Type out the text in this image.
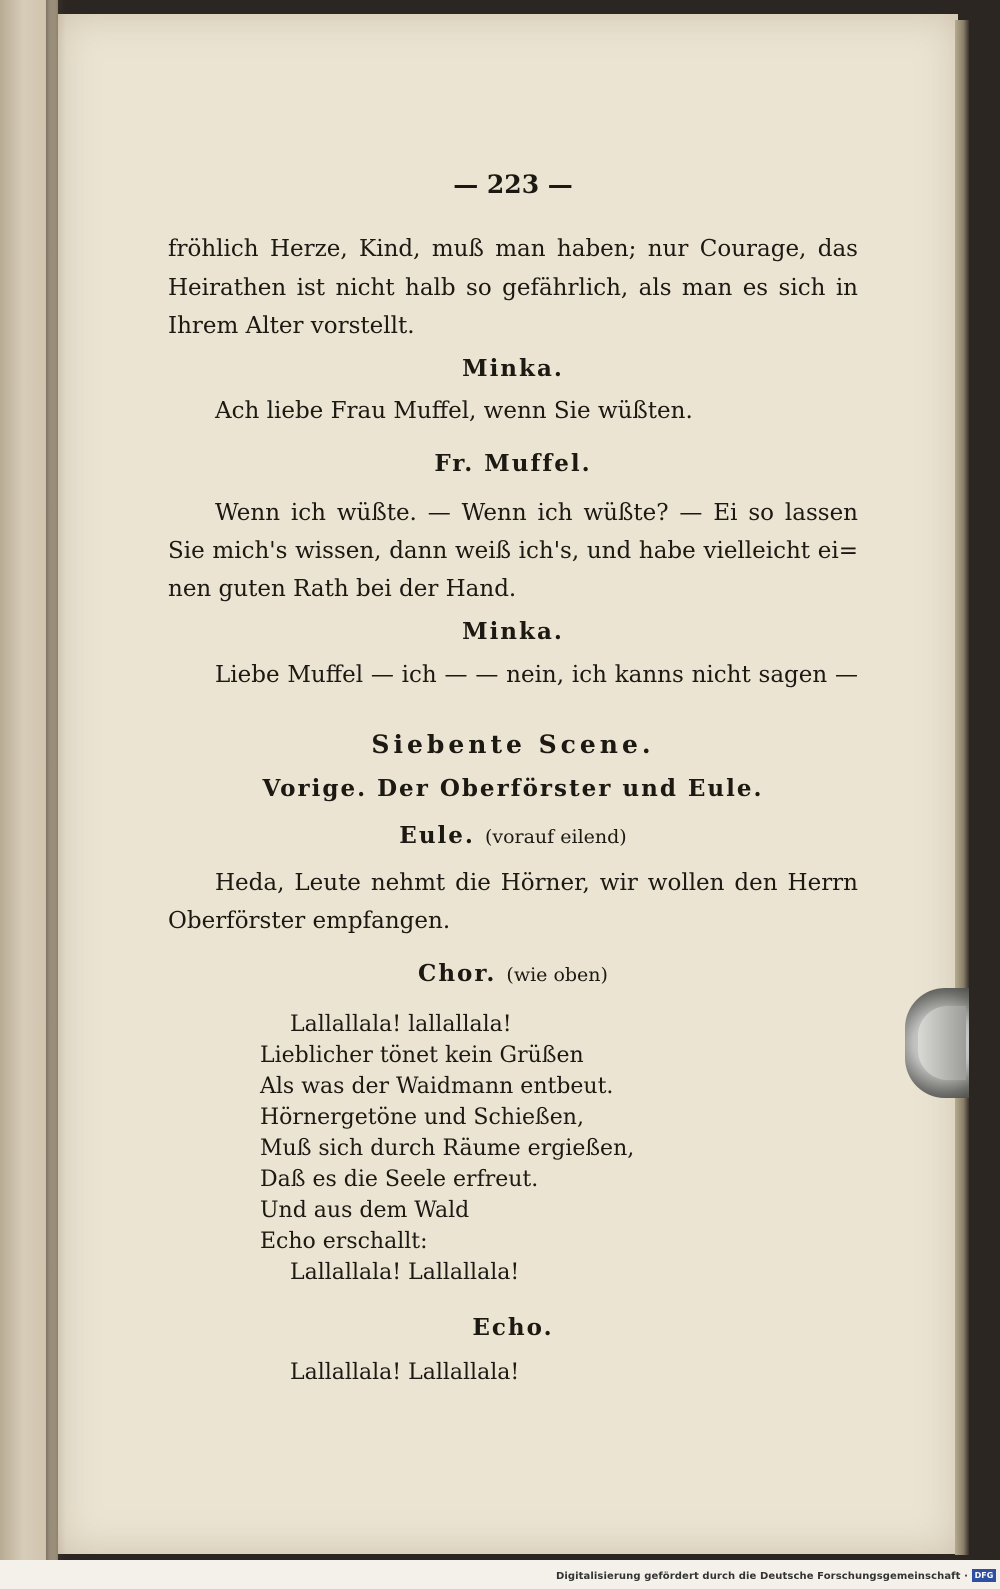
— 223 —
fröhlich Herze, Kind, muß man haben; nur Courage, das
Heirathen ist nicht halb so gefährlich, als man es sich in
Ihrem Alter vorstellt.
Minka.
Ach liebe Frau Muffel, wenn Sie wüßten.
Fr. Muffel.
Wenn ich wüßte. — Wenn ich wüßte? — Ei so lassen
Sie mich's wissen, dann weiß ich's, und habe vielleicht ei=
nen guten Rath bei der Hand.
Minka.
Liebe Muffel — ich — — nein, ich kanns nicht sagen —
Siebente Scene.
Vorige. Der Oberförster und Eule.
Eule. (vorauf eilend)
Heda, Leute nehmt die Hörner, wir wollen den Herrn
Oberförster empfangen.
Chor. (wie oben)
Lallallala! lallallala!
Lieblicher tönet kein Grüßen
Als was der Waidmann entbeut.
Hörnergetöne und Schießen,
Muß sich durch Räume ergießen,
Daß es die Seele erfreut.
Und aus dem Wald
Echo erschallt:
Lallallala! Lallallala!
Echo.
Lallallala! Lallallala!
Digitalisierung gefördert durch die Deutsche Forschungsgemeinschaft · DFG
